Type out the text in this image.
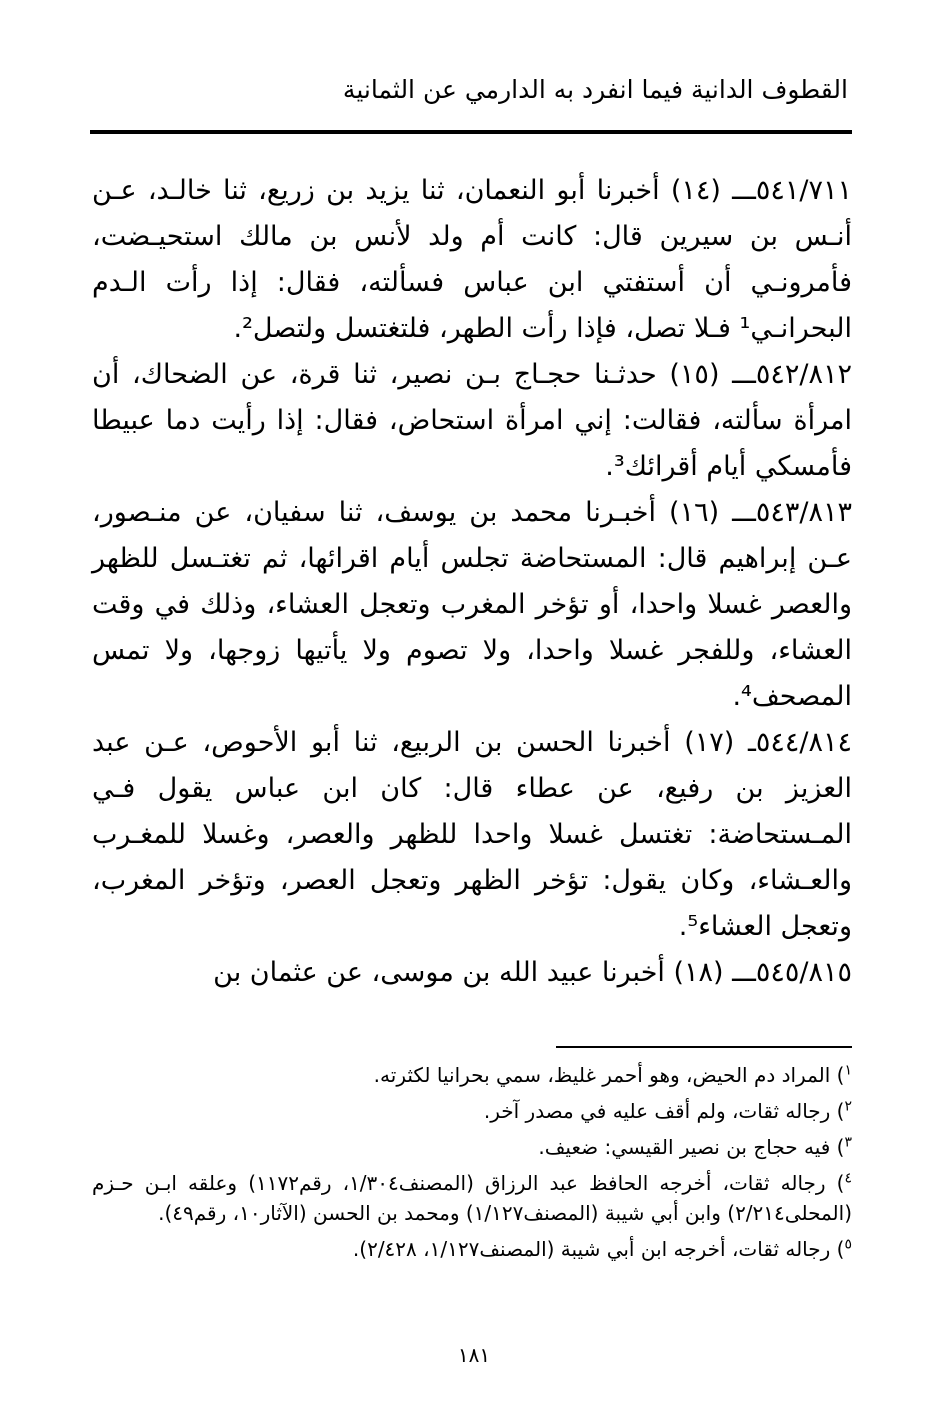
القطوف الدانية فيما انفرد به الدارمي عن الثمانية

٥٤١/٧١١ـــ (١٤) أخبرنا أبو النعمان، ثنا يزيد بن زريع، ثنا خالـد، عـن أنـس بن سيرين قال: كانت أم ولد لأنس بن مالك استحيـضت، فأمرونـي أن أستفتي ابن عباس فسألته، فقال: إذا رأت الـدم البحرانـي¹ فـلا تصل، فإذا رأت الطهر، فلتغتسل ولتصل².

٥٤٢/٨١٢ـــ (١٥) حدثـنا حجـاج بـن نصير، ثنا قرة، عن الضحاك، أن امرأة سألته، فقالت: إني امرأة استحاض، فقال: إذا رأيت دما عبيطا فأمسكي أيام أقرائك³.

٥٤٣/٨١٣ـــ (١٦) أخبـرنا محمد بن يوسف، ثنا سفيان، عن منـصور، عـن إبراهيم قال: المستحاضة تجلس أيام اقرائها، ثم تغتـسل للظهر والعصر غسلا واحدا، أو تؤخر المغرب وتعجل العشاء، وذلك في وقت العشاء، وللفجر غسلا واحدا، ولا تصوم ولا يأتيها زوجها، ولا تمس المصحف⁴.

٥٤٤/٨١٤ـ (١٧) أخبرنا الحسن بن الربيع، ثنا أبو الأحوص، عـن عبد العزيز بن رفيع، عن عطاء قال: كان ابن عباس يقول فـي المـستحاضة: تغتسل غسلا واحدا للظهر والعصر، وغسلا للمغـرب والعـشاء، وكان يقول: تؤخر الظهر وتعجل العصر، وتؤخر المغرب، وتعجل العشاء⁵.

٥٤٥/٨١٥ـــ (١٨) أخبرنا عبيد الله بن موسى، عن عثمان بن

$^١$) المراد دم الحيض، وهو أحمر غليظ، سمي بحرانيا لكثرته.

$^٢$) رجاله ثقات، ولم أقف عليه في مصدر آخر.

$^٣$) فيه حجاج بن نصير القيسي: ضعيف.

$^٤$) رجاله ثقات، أخرجه الحافظ عبد الرزاق (المصنف١/٣٠٤، رقم١١٧٢) وعلقه ابـن حـزم (المحلى٢/٢١٤) وابن أبي شيبة (المصنف١/١٢٧) ومحمد بن الحسن (الآثار١٠، رقم٤٩).

$^٥$) رجاله ثقات، أخرجه ابن أبي شيبة (المصنف١/١٢٧، ٢/٤٢٨).

١٨١
